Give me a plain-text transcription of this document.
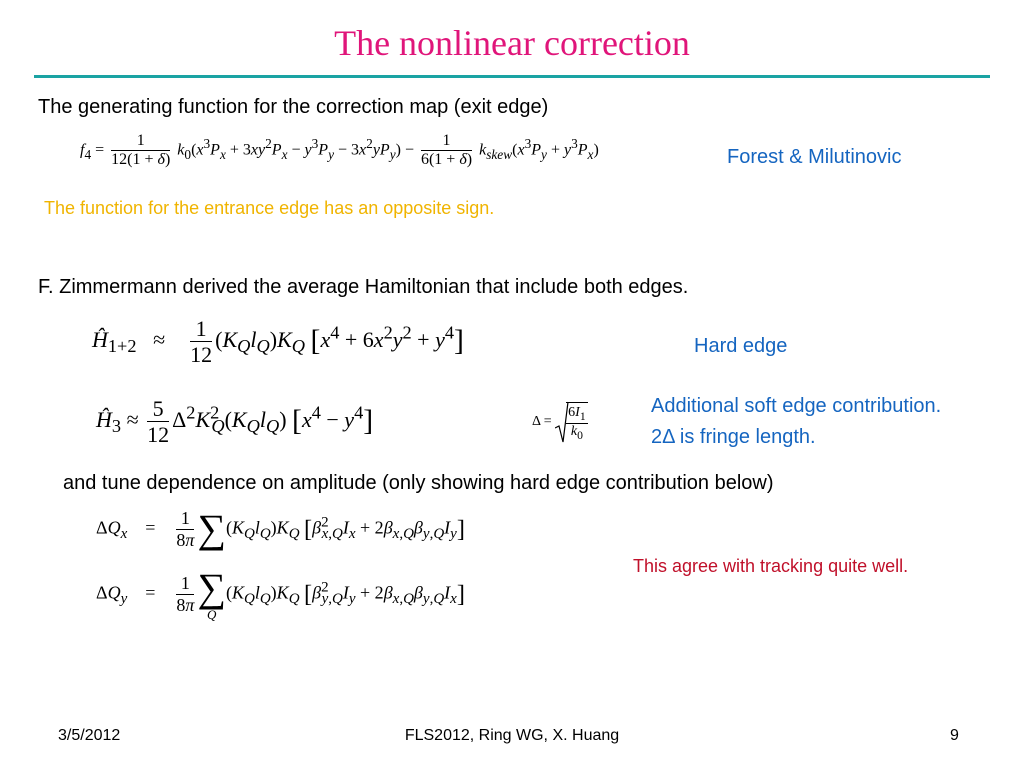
The nonlinear correction
The generating function for the correction map (exit edge)
$f_4 = \frac{1}{12(1 + \delta)} k_0(x^3P_x + 3xy^2P_x - y^3P_y - 3x^2yP_y) - \frac{1}{6(1 + \delta)} k_{skew}(x^3P_y + y^3P_x)$	Forest & Milutinovic
The function for the entrance edge has an opposite sign.
F. Zimmermann derived the average Hamiltonian that include both edges.
$Ĥ_{1+2} \approx \frac{1}{12} (K_Ql_Q)K_Q$ $[x^4 + 6x^2y^2 + y^4]$	Hard edge
$Ĥ_3 \approx \frac{5}{12} \Delta^2K^2_Q(K_Ql_Q) [x^4 - y^4]$	$\Delta = \frac{6I_1}{k_0}$	Additional soft edge contribution.
2Δ is fringe length.
and tune dependence on amplitude (only showing hard edge contribution below)
$\Delta Q_x$    = $\frac{1}{8\pi} \sum(K_Ql_Q)K_Q$ $[\beta^2_{x,Q}I_x + 2\beta_{x,Q}\beta_{y,Q}I_y]$
This agree with tracking quite well.
$\Delta Q_y$    = $\frac{1}{8\pi}$ ∑
Q
$(K_Ql_Q)K_Q$ $[\beta^2_{y,Q}I_y + 2\beta_{x,Q}\beta_{y,Q}I_x]$
3/5/2012	FLS2012, Ring WG, X. Huang	9
